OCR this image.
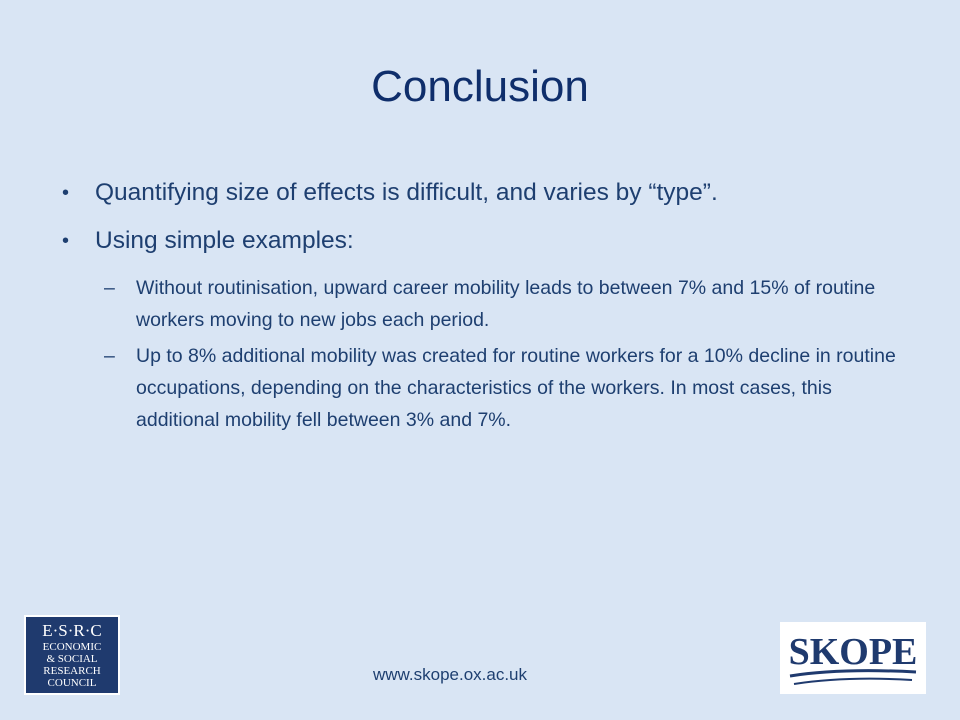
Conclusion
• Quantifying size of effects is difficult, and varies by “type”.
• Using simple examples:
– Without routinisation, upward career mobility leads to between 7% and 15% of routine workers moving to new jobs each period.
– Up to 8% additional mobility was created for routine workers for a 10% decline in routine occupations, depending on the characteristics of the workers. In most cases, this additional mobility fell between 3% and 7%.
E·S·R·C
ECONOMIC
& SOCIAL
RESEARCH
COUNCIL	www.skope.ox.ac.uk
SKOPE
